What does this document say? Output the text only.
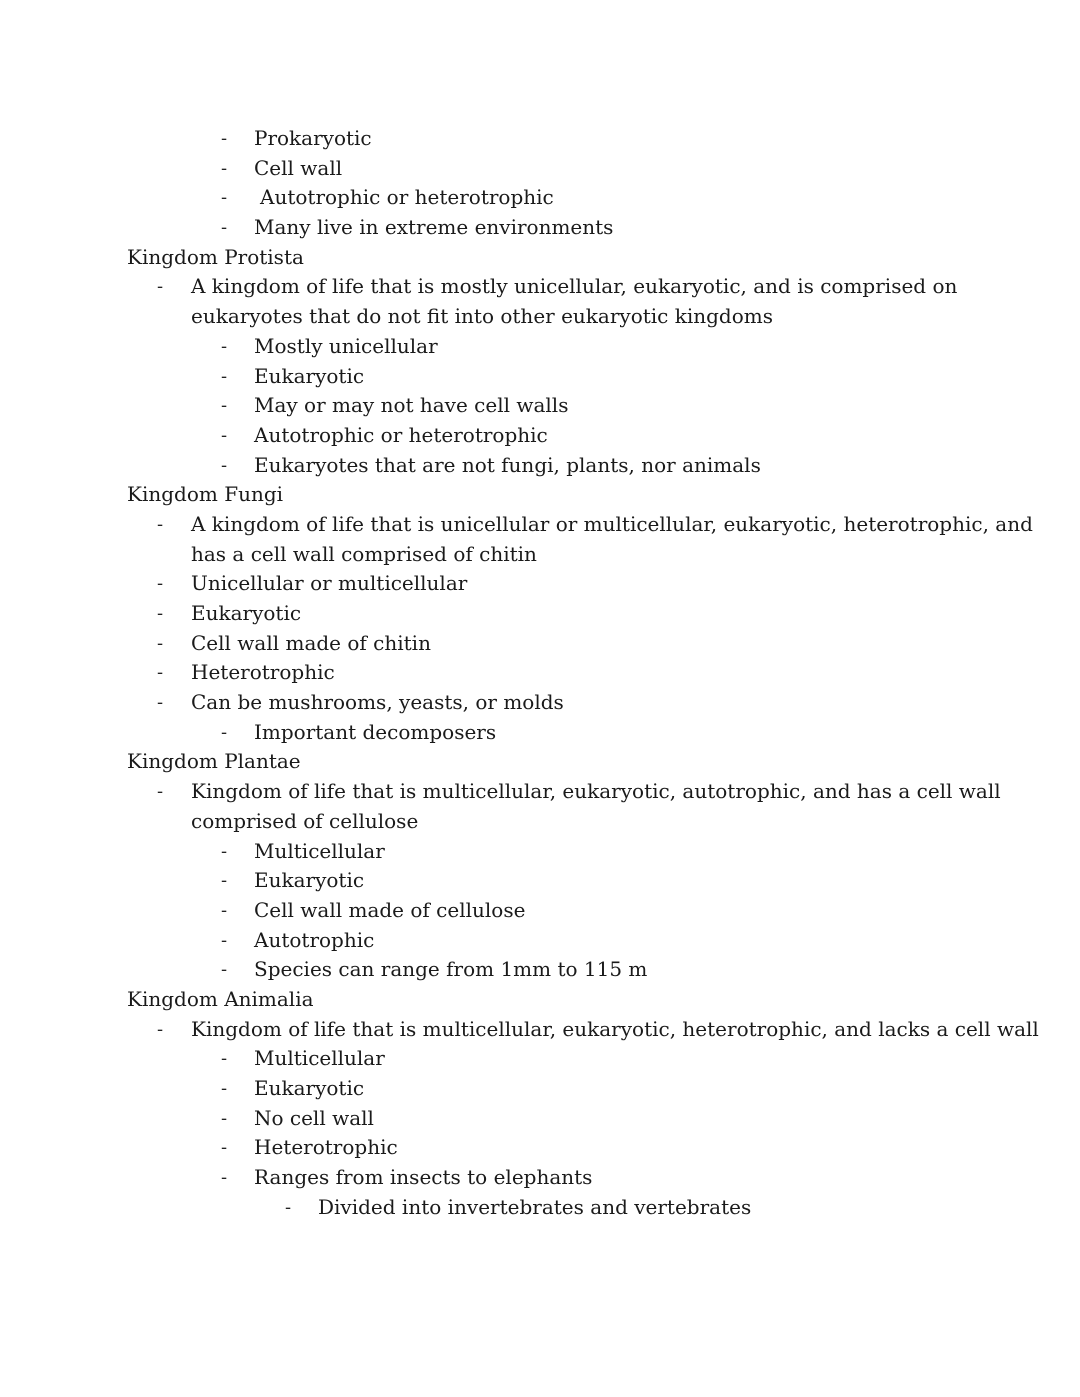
- Prokaryotic
- Cell wall
- Autotrophic or heterotrophic
- Many live in extreme environments
Kingdom Protista
- A kingdom of life that is mostly unicellular, eukaryotic, and is comprised on
eukaryotes that do not fit into other eukaryotic kingdoms
- Mostly unicellular
- Eukaryotic
- May or may not have cell walls
- Autotrophic or heterotrophic
- Eukaryotes that are not fungi, plants, nor animals
Kingdom Fungi
- A kingdom of life that is unicellular or multicellular, eukaryotic, heterotrophic, and
has a cell wall comprised of chitin
- Unicellular or multicellular
- Eukaryotic
- Cell wall made of chitin
- Heterotrophic
- Can be mushrooms, yeasts, or molds
- Important decomposers
Kingdom Plantae
- Kingdom of life that is multicellular, eukaryotic, autotrophic, and has a cell wall
comprised of cellulose
- Multicellular
- Eukaryotic
- Cell wall made of cellulose
- Autotrophic
- Species can range from 1mm to 115 m
Kingdom Animalia
- Kingdom of life that is multicellular, eukaryotic, heterotrophic, and lacks a cell wall
- Multicellular
- Eukaryotic
- No cell wall
- Heterotrophic
- Ranges from insects to elephants
- Divided into invertebrates and vertebrates
